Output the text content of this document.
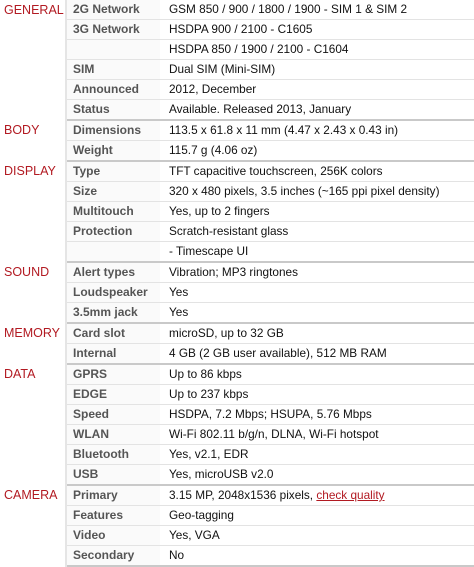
GENERAL	2G Network	GSM 850 / 900 / 1800 / 1900 - SIM 1 & SIM 2
	3G Network	HSDPA 900 / 2100 - C1605
		HSDPA 850 / 1900 / 2100 - C1604
	SIM	Dual SIM (Mini-SIM)
	Announced	2012, December
	Status	Available. Released 2013, January
BODY	Dimensions	113.5 x 61.8 x 11 mm (4.47 x 2.43 x 0.43 in)
	Weight	115.7 g (4.06 oz)
DISPLAY	Type	TFT capacitive touchscreen, 256K colors
	Size	320 x 480 pixels, 3.5 inches (~165 ppi pixel density)
	Multitouch	Yes, up to 2 fingers
	Protection	Scratch-resistant glass
		- Timescape UI
SOUND	Alert types	Vibration; MP3 ringtones
	Loudspeaker	Yes
	3.5mm jack	Yes
MEMORY	Card slot	microSD, up to 32 GB
	Internal	4 GB (2 GB user available), 512 MB RAM
DATA	GPRS	Up to 86 kbps
	EDGE	Up to 237 kbps
	Speed	HSDPA, 7.2 Mbps; HSUPA, 5.76 Mbps
	WLAN	Wi-Fi 802.11 b/g/n, DLNA, Wi-Fi hotspot
	Bluetooth	Yes, v2.1, EDR
	USB	Yes, microUSB v2.0
CAMERA	Primary	3.15 MP, 2048x1536 pixels, check quality
	Features	Geo-tagging
	Video	Yes, VGA
	Secondary	No
